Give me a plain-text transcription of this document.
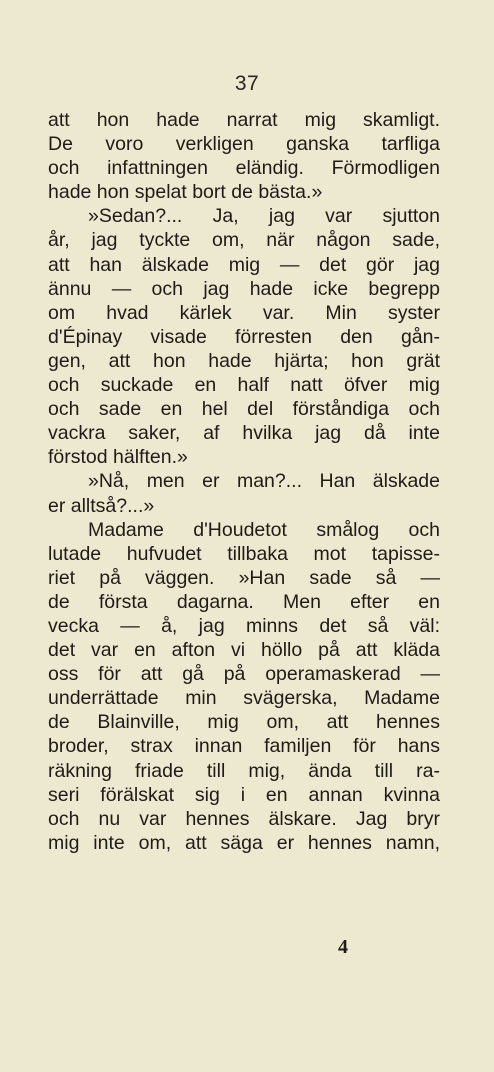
37
att hon hade narrat mig skamligt.
De voro verkligen ganska tarfliga
och infattningen eländig. Förmodligen
hade hon spelat bort de bästa.»
»Sedan?... Ja, jag var sjutton
år, jag tyckte om, när någon sade,
att han älskade mig — det gör jag
ännu — och jag hade icke begrepp
om hvad kärlek var. Min syster
d'Épinay visade förresten den gån-
gen, att hon hade hjärta; hon grät
och suckade en half natt öfver mig
och sade en hel del förståndiga och
vackra saker, af hvilka jag då inte
förstod hälften.»
»Nå, men er man?... Han älskade
er alltså?...»
Madame d'Houdetot smålog och
lutade hufvudet tillbaka mot tapisse-
riet på väggen. »Han sade så —
de första dagarna. Men efter en
vecka — å, jag minns det så väl:
det var en afton vi höllo på att kläda
oss för att gå på operamaskerad —
underrättade min svägerska, Madame
de Blainville, mig om, att hennes
broder, strax innan familjen för hans
räkning friade till mig, ända till ra-
seri förälskat sig i en annan kvinna
och nu var hennes älskare. Jag bryr
mig inte om, att säga er hennes namn,
4
